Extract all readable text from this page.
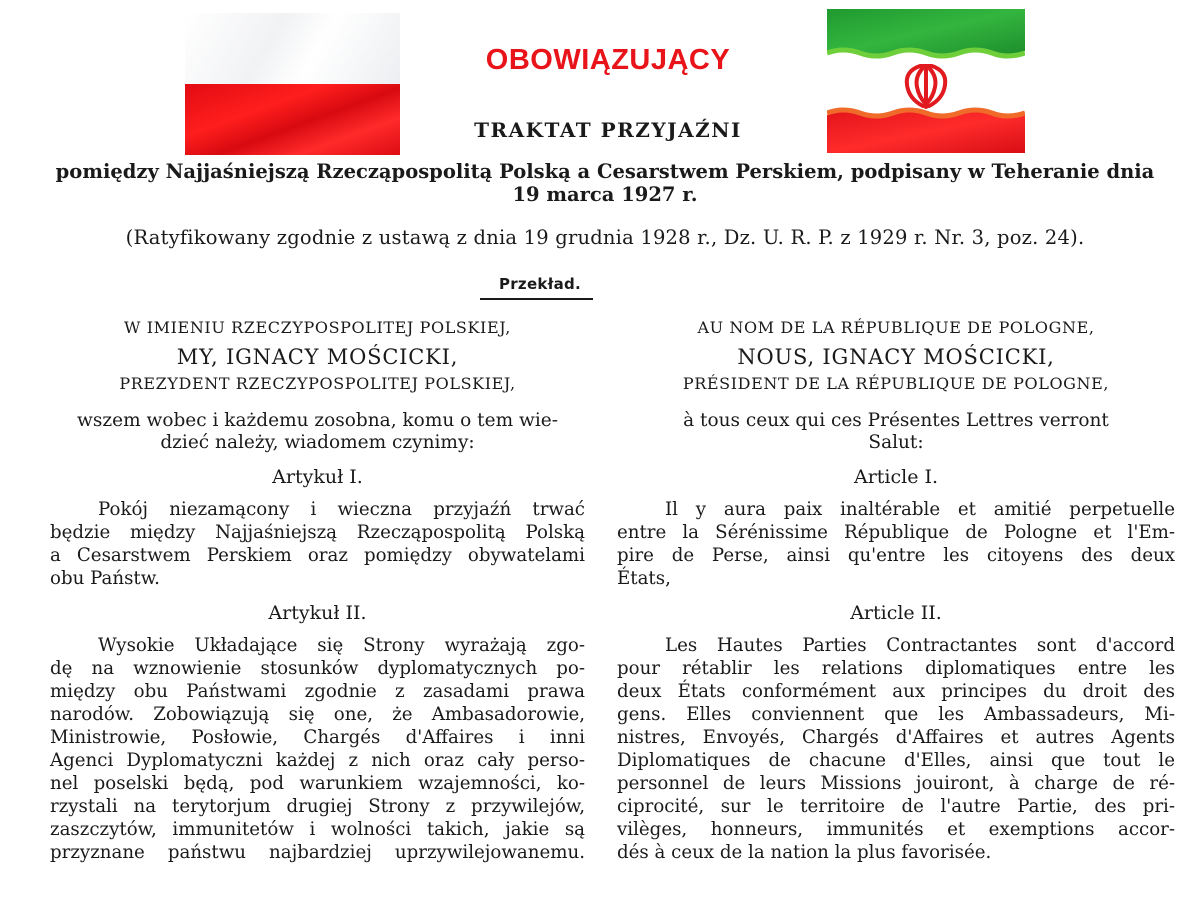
OBOWIĄZUJĄCY
TRAKTAT PRZYJAŹNI
pomiędzy Najjaśniejszą Rzecząpospolitą Polską a Cesarstwem Perskiem, podpisany w Teheranie dnia
19 marca 1927 r.
(Ratyfikowany zgodnie z ustawą z dnia 19 grudnia 1928 r., Dz. U. R. P. z 1929 r. Nr. 3, poz. 24).
Przekład.
W IMIENIU RZECZYPOSPOLITEJ POLSKIEJ,
MY, IGNACY MOŚCICKI,
PREZYDENT RZECZYPOSPOLITEJ POLSKIEJ,
wszem wobec i każdemu zosobna, komu o tem wie-
dzieć należy, wiadomem czynimy:
Artykuł I.
Pokój niezamącony i wieczna przyjaźń trwać
będzie między Najjaśniejszą Rzecząpospolitą Polską
a Cesarstwem Perskiem oraz pomiędzy obywatelami
obu Państw.
Artykuł II.
Wysokie Układające się Strony wyrażają zgo-
dę na wznowienie stosunków dyplomatycznych po-
między obu Państwami zgodnie z zasadami prawa
narodów. Zobowiązują się one, że Ambasadorowie,
Ministrowie, Posłowie, Chargés d'Affaires i inni
Agenci Dyplomatyczni każdej z nich oraz cały perso-
nel poselski będą, pod warunkiem wzajemności, ko-
rzystali na terytorjum drugiej Strony z przywilejów,
zaszczytów, immunitetów i wolności takich, jakie są
przyznane państwu najbardziej uprzywilejowanemu.
AU NOM DE LA RÉPUBLIQUE DE POLOGNE,
NOUS, IGNACY MOŚCICKI,
PRÉSIDENT DE LA RÉPUBLIQUE DE POLOGNE,
à tous ceux qui ces Présentes Lettres verront
Salut:
Article I.
Il y aura paix inaltérable et amitié perpetuelle
entre la Sérénissime République de Pologne et l'Em-
pire de Perse, ainsi qu'entre les citoyens des deux
États,
Article II.
Les Hautes Parties Contractantes sont d'accord
pour rétablir les relations diplomatiques entre les
deux États conformément aux principes du droit des
gens. Elles conviennent que les Ambassadeurs, Mi-
nistres, Envoyés, Chargés d'Affaires et autres Agents
Diplomatiques de chacune d'Elles, ainsi que tout le
personnel de leurs Missions jouiront, à charge de ré-
ciprocité, sur le territoire de l'autre Partie, des pri-
vilèges, honneurs, immunités et exemptions accor-
dés à ceux de la nation la plus favorisée.
